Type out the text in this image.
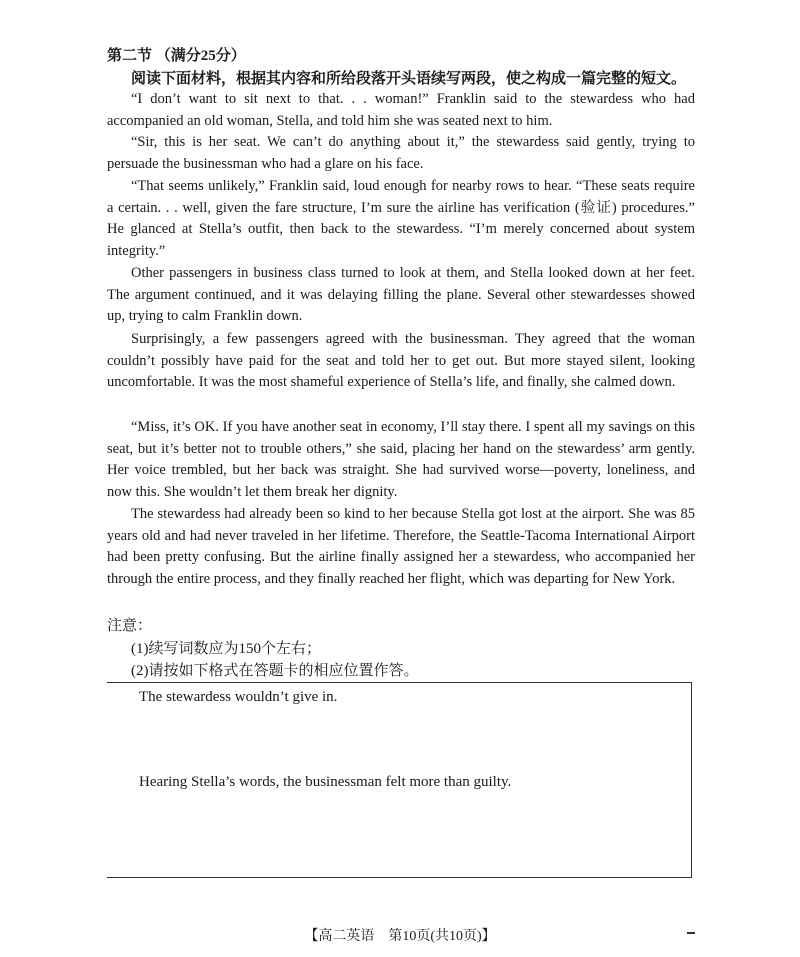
第二节 （满分25分）
阅读下面材料，根据其内容和所给段落开头语续写两段，使之构成一篇完整的短文。

“I don’t want to sit next to that. . . woman!” Franklin said to the stewardess who had accompanied an old woman, Stella, and told him she was seated next to him.

“Sir, this is her seat. We can’t do anything about it,” the stewardess said gently, trying to persuade the businessman who had a glare on his face.

“That seems unlikely,” Franklin said, loud enough for nearby rows to hear. “These seats require a certain. . . well, given the fare structure, I’m sure the airline has verification (验证) procedures.” He glanced at Stella’s outfit, then back to the stewardess. “I’m merely concerned about system integrity.”

Other passengers in business class turned to look at them, and Stella looked down at her feet. The argument continued, and it was delaying filling the plane. Several other stewardesses showed up, trying to calm Franklin down.

Surprisingly, a few passengers agreed with the businessman. They agreed that the woman couldn’t possibly have paid for the seat and told her to get out. But more stayed silent, looking uncomfortable. It was the most shameful experience of Stella’s life, and finally, she calmed down.

“Miss, it’s OK. If you have another seat in economy, I’ll stay there. I spent all my savings on this seat, but it’s better not to trouble others,” she said, placing her hand on the stewardess’ arm gently. Her voice trembled, but her back was straight. She had survived worse—poverty, loneliness, and now this. She wouldn’t let them break her dignity.

The stewardess had already been so kind to her because Stella got lost at the airport. She was 85 years old and had never traveled in her lifetime. Therefore, the Seattle-Tacoma International Airport had been pretty confusing. But the airline finally assigned her a stewardess, who accompanied her through the entire process, and they finally reached her flight, which was departing for New York.

注意：
(1)续写词数应为150个左右；
(2)请按如下格式在答题卡的相应位置作答。
The stewardess wouldn’t give in.
Hearing Stella’s words, the businessman felt more than guilty.
【高二英语　第10页(共10页)】
